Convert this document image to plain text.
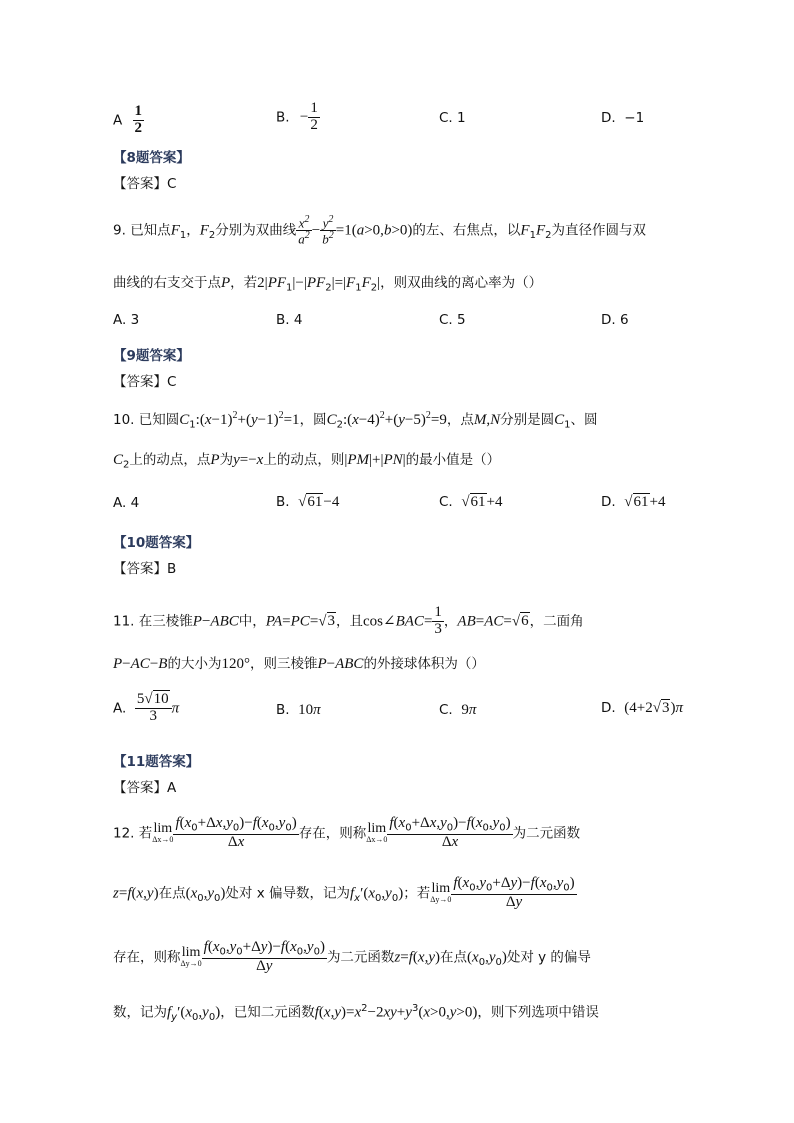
A $\frac{1}{2}$	B. − $\frac{1}{2}$	C. 1	D. −1
【8题答案】
【答案】C
9. 已知点$F_1$，$F_2$分别为双曲线 $\frac{x^2}{a^2} - \frac{y^2}{b^2} =1(a>0,b>0)$的左、右焦点，以$F_1F_2$为直径作圆与双
曲线的右支交于点P，若$2|PF_1|-|PF_2|=|F_1F_2|$，则双曲线的离心率为（）
A. 3	B. 4	C. 5	D. 6
【9题答案】
【答案】C
10. 已知圆$C_1:(x-1)^2+(y-1)^2=1$，圆$C_2:(x-4)^2+(y-5)^2=9$，点M,N分别是圆$C_1$、圆
$C_2$上的动点，点P为y=−x上的动点，则|PM|+|PN|的最小值是（）
A. 4	B. √61−4	C. √61+4	D. √61+4
【10题答案】
【答案】B
11. 在三棱锥P−ABC中，PA=PC=√3，且cos∠BAC= $\frac{1}{3}$ ，AB=AC=√6，二面角
P−AC−B的大小为120°，则三棱锥P−ABC的外接球体积为（）
A. $\frac{5√10}{3}$ π	B. 10π	C. 9π	D. (4+2√3)π
【11题答案】
【答案】A
12. 若 lim
$\Delta x\to 0 \frac{f(x_0+\Delta x,y_0)-f(x_0,y_0)}{\Delta x}$ 存在，则称 lim
$\Delta x\to 0 \frac{f(x_0+\Delta x,y_0)-f(x_0,y_0)}{\Delta x}$ 为二元函数
z=f(x,y)在点$(x_0,y_0)$处对 x 偏导数，记为$f_x'(x_0,y_0)$；若 lim
$\Delta y\to 0 \frac{f(x_0,y_0+\Delta y)-f(x_0,y_0)}{\Delta y}$
存在，则称 lim
$\Delta y\to 0 \frac{f(x_0,y_0+\Delta y)-f(x_0,y_0)}{\Delta y}$ 为二元函数z=f(x,y)在点$(x_0,y_0)$处对 y 的偏导
数，记为$f_y'(x_0,y_0)$，已知二元函数$f(x,y)=x^2-2xy+y^3(x>0,y>0)$，则下列选项中错误
